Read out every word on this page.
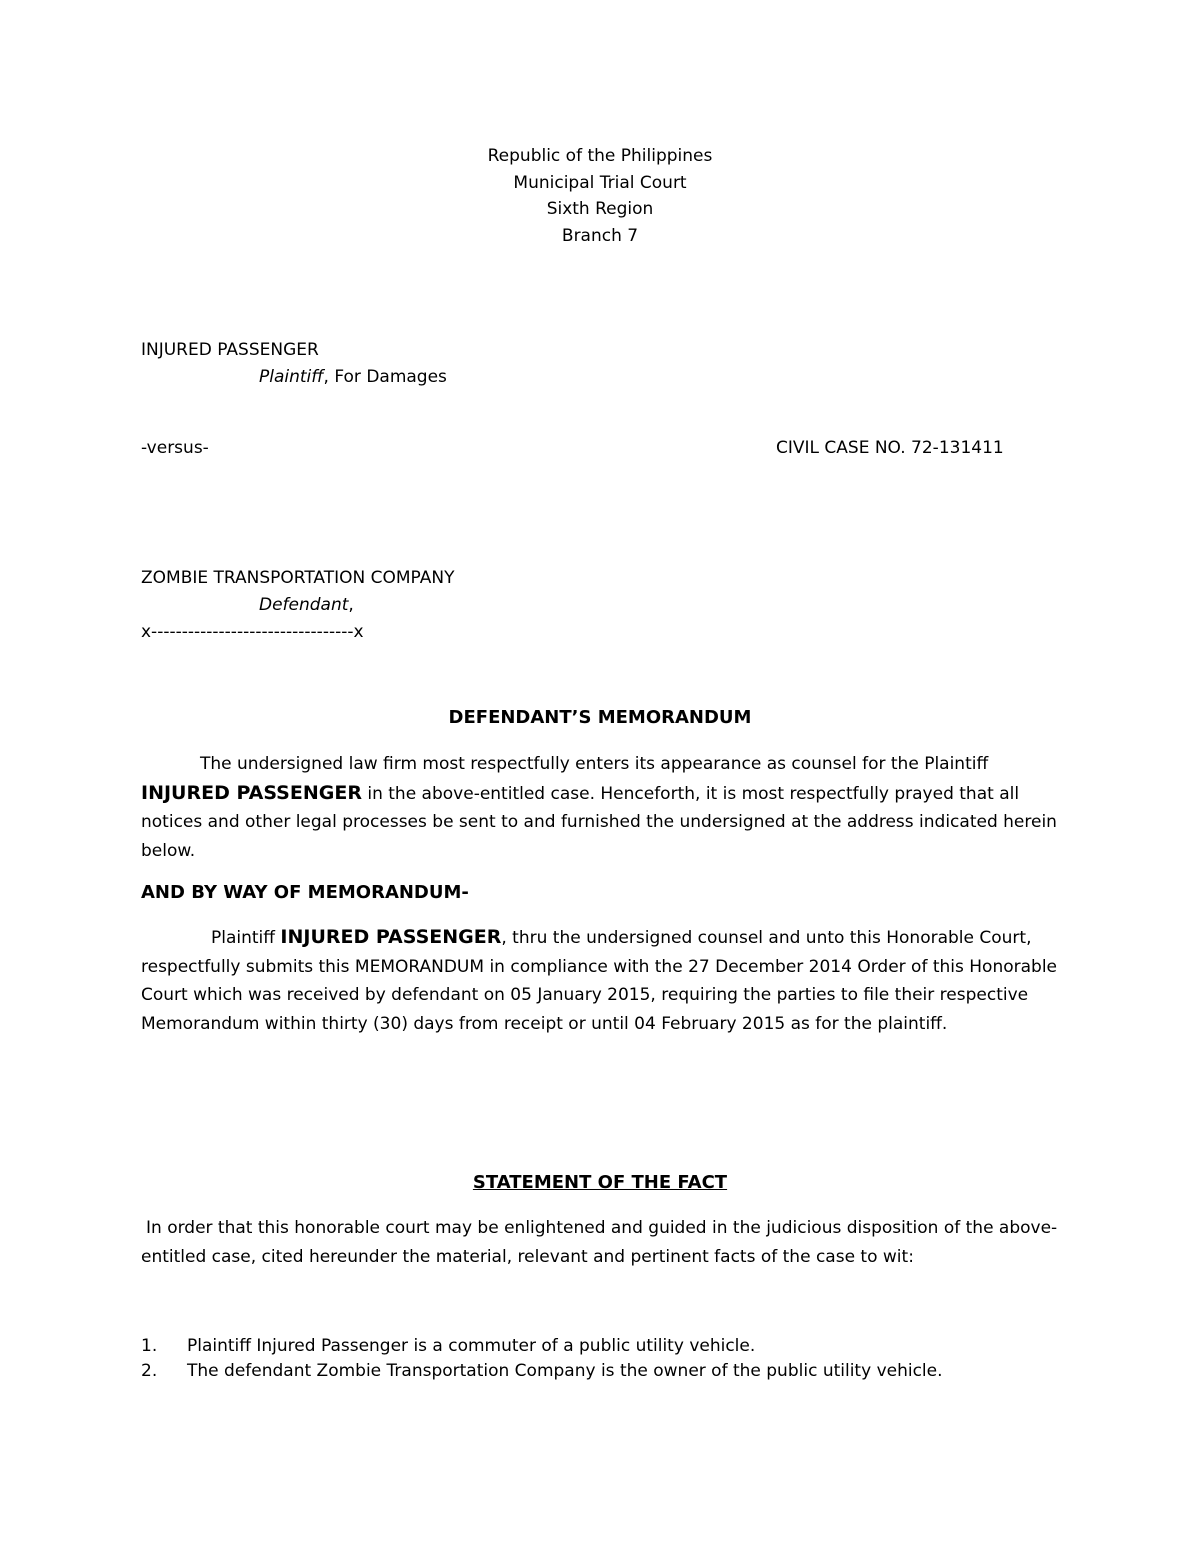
Republic of the Philippines
Municipal Trial Court
Sixth Region
Branch 7
INJURED PASSENGER
Plaintiff, For Damages
-versus-	CIVIL CASE NO. 72-131411
ZOMBIE TRANSPORTATION COMPANY
Defendant,
x---------------------------------x
DEFENDANT’S MEMORANDUM
The undersigned law firm most respectfully enters its appearance as counsel for the Plaintiff INJURED PASSENGER in the above-entitled case. Henceforth, it is most respectfully prayed that all notices and other legal processes be sent to and furnished the undersigned at the address indicated herein below.
AND BY WAY OF MEMORANDUM-
Plaintiff INJURED PASSENGER, thru the undersigned counsel and unto this Honorable Court, respectfully submits this MEMORANDUM in compliance with the 27 December 2014 Order of this Honorable Court which was received by defendant on 05 January 2015, requiring the parties to file their respective Memorandum within thirty (30) days from receipt or until 04 February 2015 as for the plaintiff.
STATEMENT OF THE FACT
In order that this honorable court may be enlightened and guided in the judicious disposition of the above-entitled case, cited hereunder the material, relevant and pertinent facts of the case to wit:
1. Plaintiff Injured Passenger is a commuter of a public utility vehicle.
2. The defendant Zombie Transportation Company is the owner of the public utility vehicle.
